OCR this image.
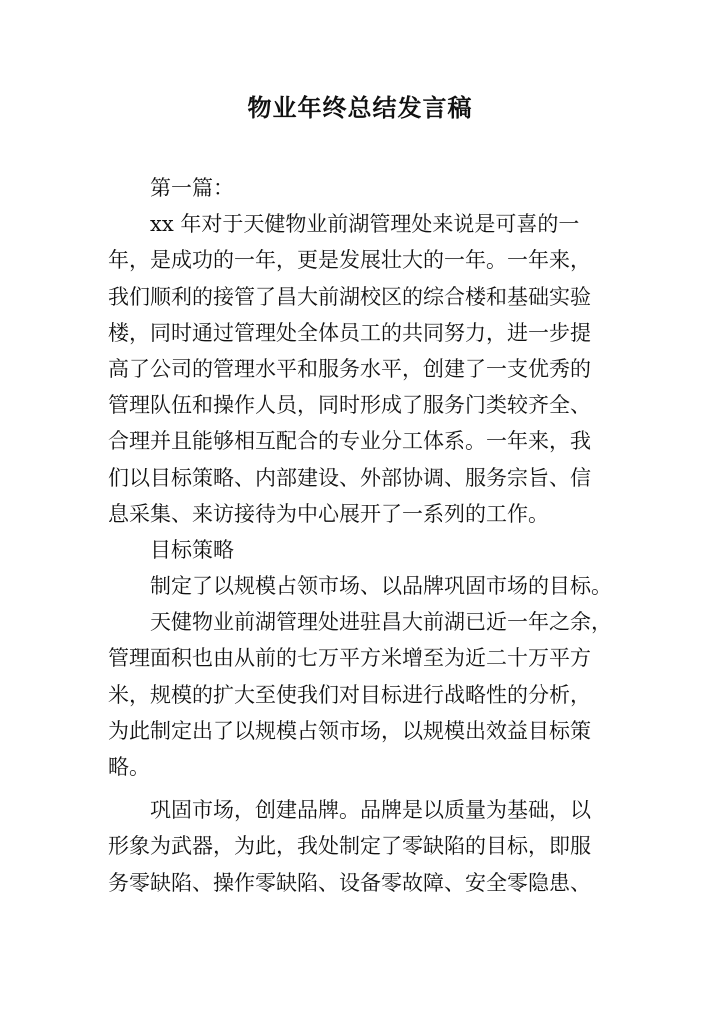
物业年终总结发言稿
第一篇：
xx 年对于天健物业前湖管理处来说是可喜的一
年，是成功的一年，更是发展壮大的一年。一年来，
我们顺利的接管了昌大前湖校区的综合楼和基础实验
楼，同时通过管理处全体员工的共同努力，进一步提
高了公司的管理水平和服务水平，创建了一支优秀的
管理队伍和操作人员，同时形成了服务门类较齐全、
合理并且能够相互配合的专业分工体系。一年来，我
们以目标策略、内部建设、外部协调、服务宗旨、信
息采集、来访接待为中心展开了一系列的工作。
目标策略
制定了以规模占领市场、以品牌巩固市场的目标。
天健物业前湖管理处进驻昌大前湖已近一年之余，
管理面积也由从前的七万平方米增至为近二十万平方
米，规模的扩大至使我们对目标进行战略性的分析，
为此制定出了以规模占领市场，以规模出效益目标策
略。
巩固市场，创建品牌。品牌是以质量为基础，以
形象为武器，为此，我处制定了零缺陷的目标，即服
务零缺陷、操作零缺陷、设备零故障、安全零隐患、
